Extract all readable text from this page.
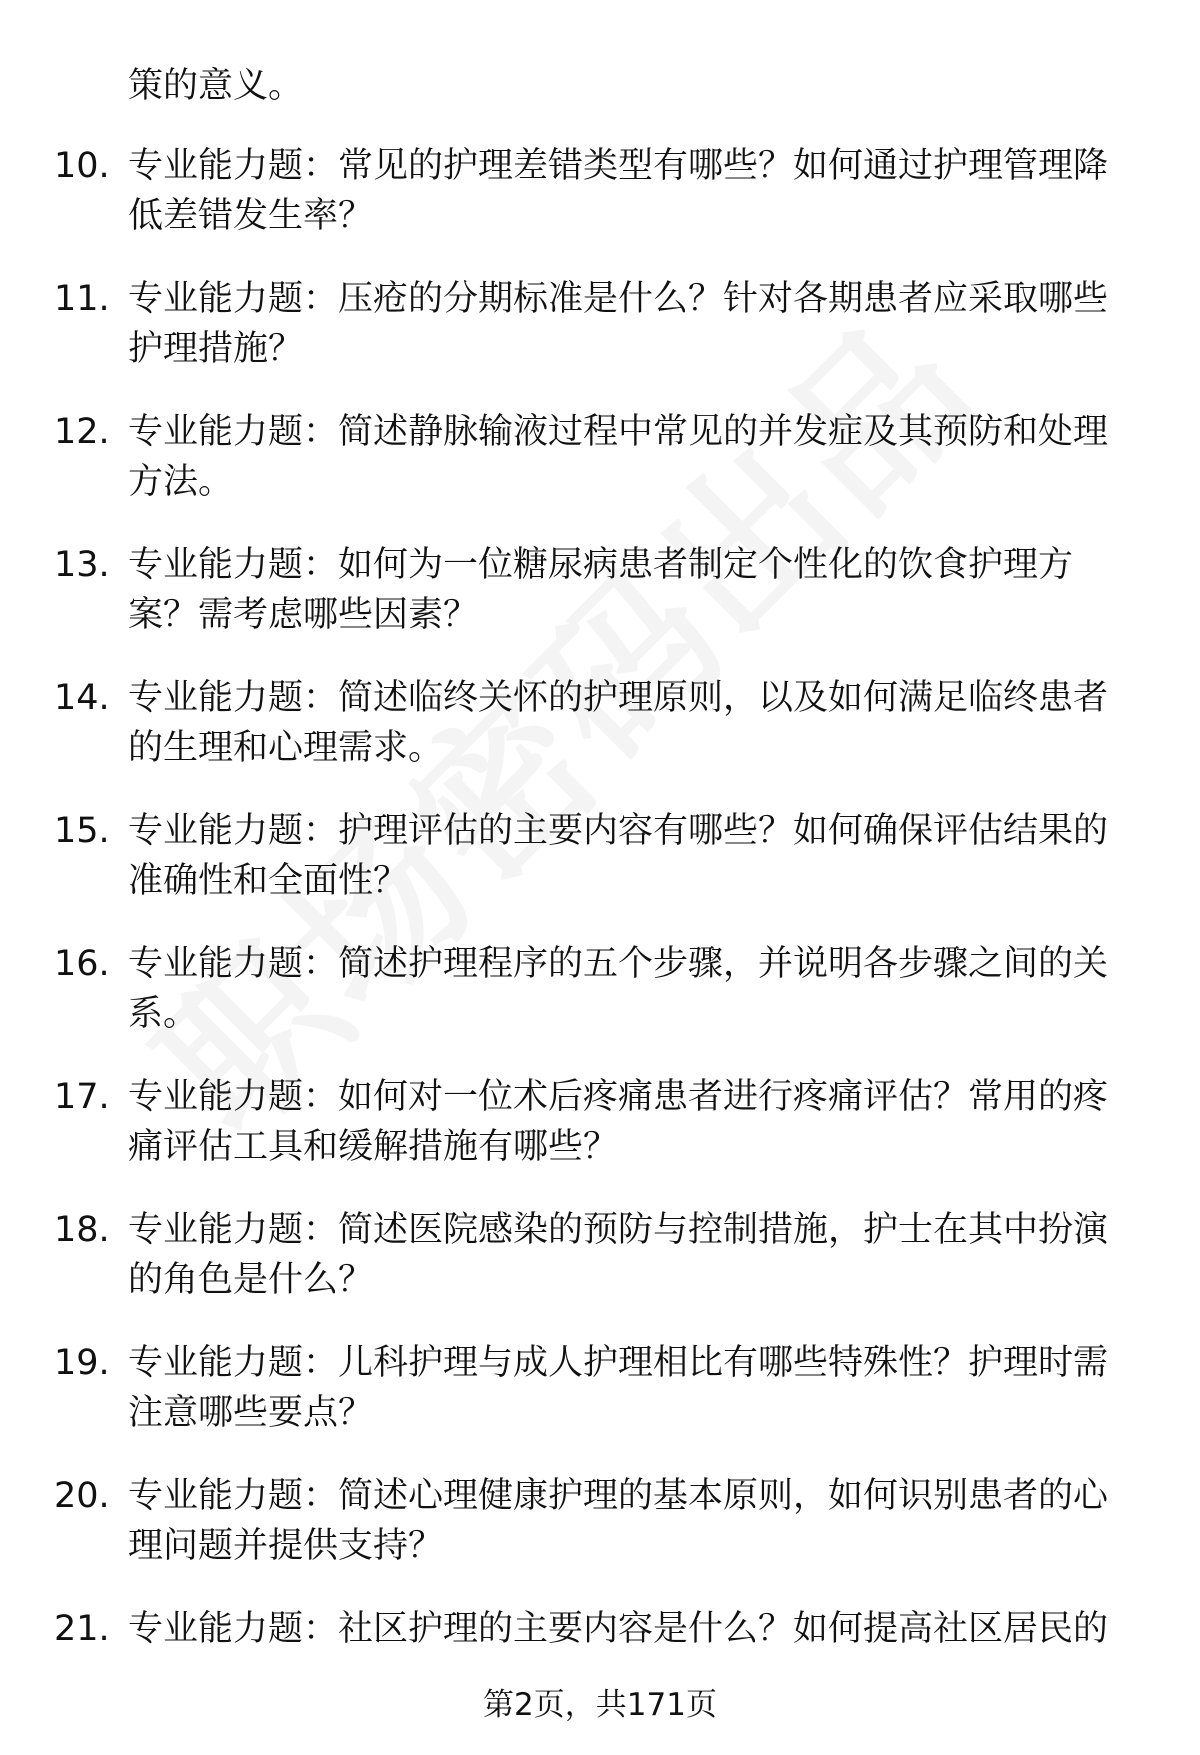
策的意义。
10. 专业能力题：常见的护理差错类型有哪些？如何通过护理管理降
低差错发生率？
11. 专业能力题：压疮的分期标准是什么？针对各期患者应采取哪些
护理措施？
12. 专业能力题：简述静脉输液过程中常见的并发症及其预防和处理
方法。
13. 专业能力题：如何为一位糖尿病患者制定个性化的饮食护理方
案？需考虑哪些因素？
14. 专业能力题：简述临终关怀的护理原则，以及如何满足临终患者
的生理和心理需求。
15. 专业能力题：护理评估的主要内容有哪些？如何确保评估结果的
准确性和全面性？
16. 专业能力题：简述护理程序的五个步骤，并说明各步骤之间的关
系。
17. 专业能力题：如何对一位术后疼痛患者进行疼痛评估？常用的疼
痛评估工具和缓解措施有哪些？
18. 专业能力题：简述医院感染的预防与控制措施，护士在其中扮演
的角色是什么？
19. 专业能力题：儿科护理与成人护理相比有哪些特殊性？护理时需
注意哪些要点？
20. 专业能力题：简述心理健康护理的基本原则，如何识别患者的心
理问题并提供支持？
21. 专业能力题：社区护理的主要内容是什么？如何提高社区居民的
第2页，共171页
